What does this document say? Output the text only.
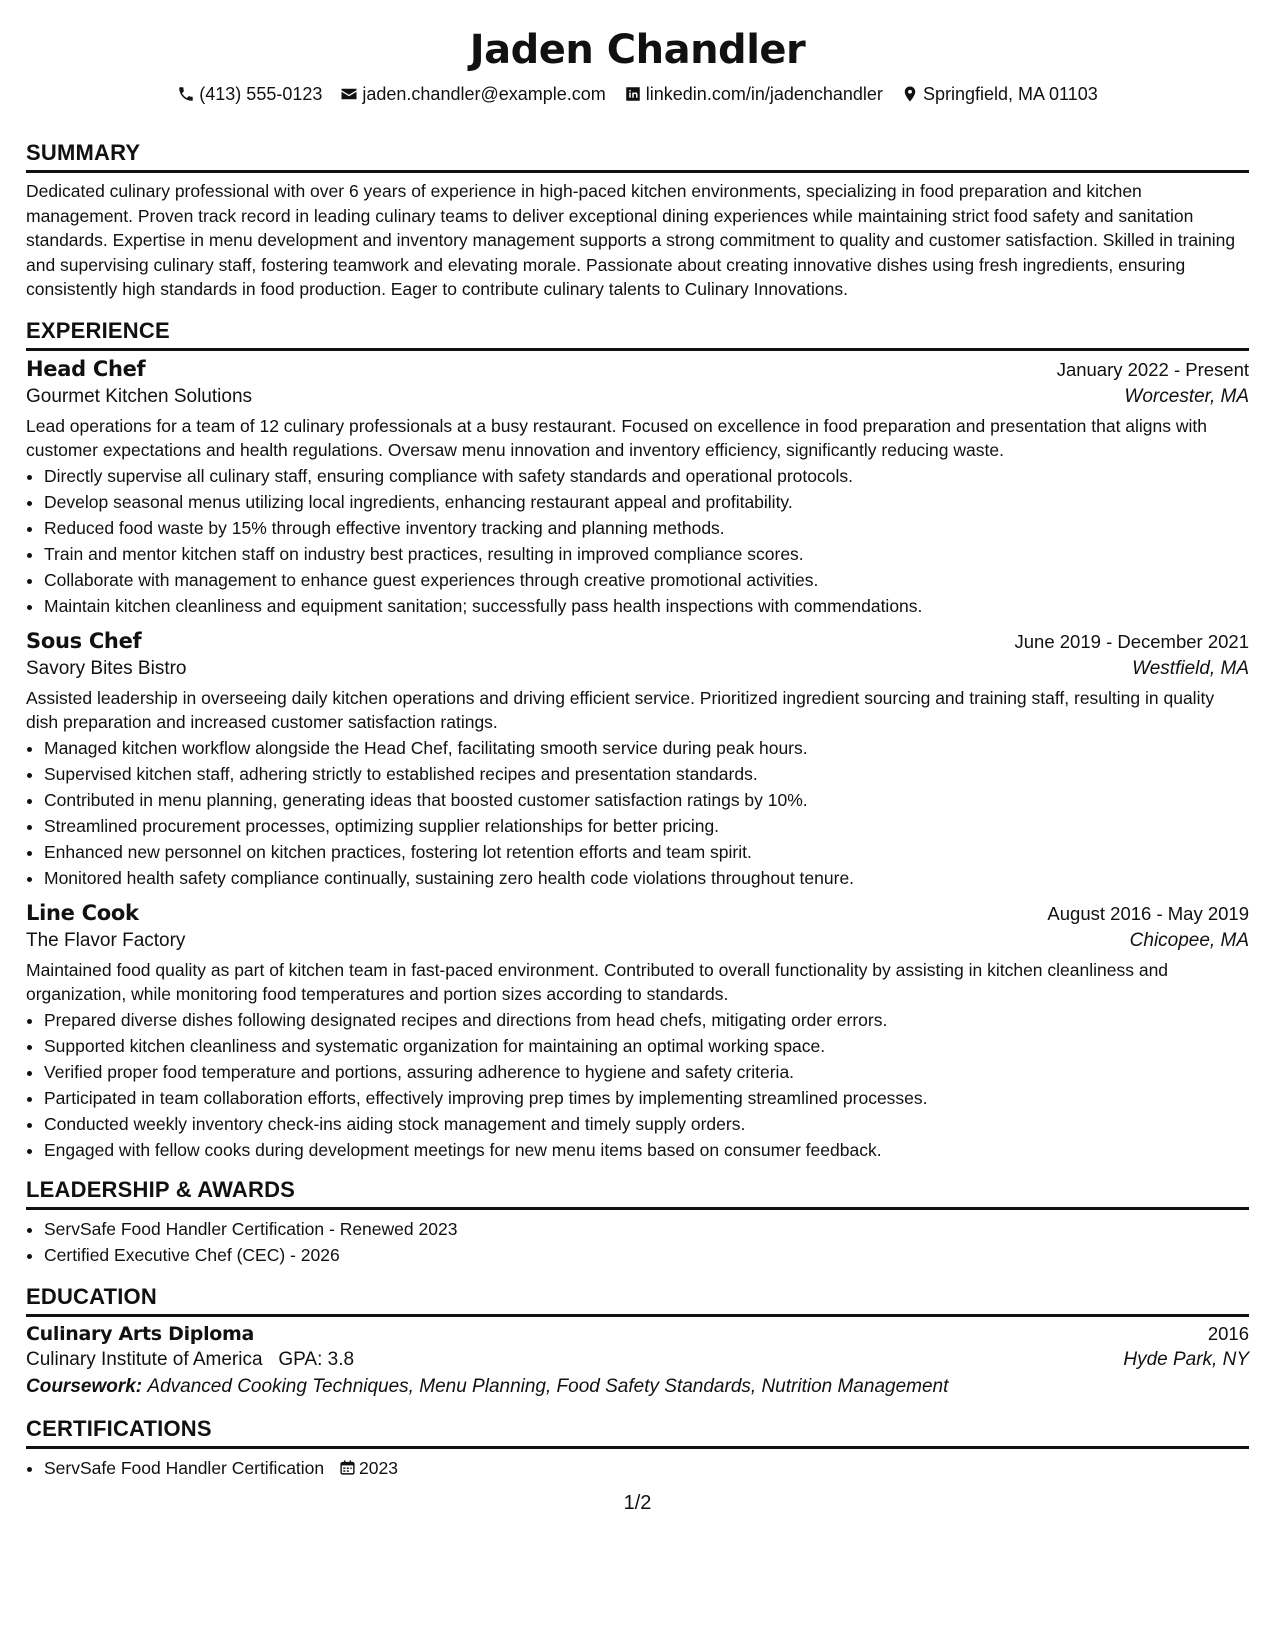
Jaden Chandler
(413) 555-0123 jaden.chandler@example.com linkedin.com/in/jadenchandler Springfield, MA 01103
SUMMARY
Dedicated culinary professional with over 6 years of experience in high-paced kitchen environments, specializing in food preparation and kitchen management. Proven track record in leading culinary teams to deliver exceptional dining experiences while maintaining strict food safety and sanitation standards. Expertise in menu development and inventory management supports a strong commitment to quality and customer satisfaction. Skilled in training and supervising culinary staff, fostering teamwork and elevating morale. Passionate about creating innovative dishes using fresh ingredients, ensuring consistently high standards in food production. Eager to contribute culinary talents to Culinary Innovations.
EXPERIENCE
Head Chef	January 2022 - Present
Gourmet Kitchen Solutions	Worcester, MA
Lead operations for a team of 12 culinary professionals at a busy restaurant. Focused on excellence in food preparation and presentation that aligns with customer expectations and health regulations. Oversaw menu innovation and inventory efficiency, significantly reducing waste.
• Directly supervise all culinary staff, ensuring compliance with safety standards and operational protocols.
• Develop seasonal menus utilizing local ingredients, enhancing restaurant appeal and profitability.
• Reduced food waste by 15% through effective inventory tracking and planning methods.
• Train and mentor kitchen staff on industry best practices, resulting in improved compliance scores.
• Collaborate with management to enhance guest experiences through creative promotional activities.
• Maintain kitchen cleanliness and equipment sanitation; successfully pass health inspections with commendations.
Sous Chef	June 2019 - December 2021
Savory Bites Bistro	Westfield, MA
Assisted leadership in overseeing daily kitchen operations and driving efficient service. Prioritized ingredient sourcing and training staff, resulting in quality dish preparation and increased customer satisfaction ratings.
• Managed kitchen workflow alongside the Head Chef, facilitating smooth service during peak hours.
• Supervised kitchen staff, adhering strictly to established recipes and presentation standards.
• Contributed in menu planning, generating ideas that boosted customer satisfaction ratings by 10%.
• Streamlined procurement processes, optimizing supplier relationships for better pricing.
• Enhanced new personnel on kitchen practices, fostering lot retention efforts and team spirit.
• Monitored health safety compliance continually, sustaining zero health code violations throughout tenure.
Line Cook	August 2016 - May 2019
The Flavor Factory	Chicopee, MA
Maintained food quality as part of kitchen team in fast-paced environment. Contributed to overall functionality by assisting in kitchen cleanliness and organization, while monitoring food temperatures and portion sizes according to standards.
• Prepared diverse dishes following designated recipes and directions from head chefs, mitigating order errors.
• Supported kitchen cleanliness and systematic organization for maintaining an optimal working space.
• Verified proper food temperature and portions, assuring adherence to hygiene and safety criteria.
• Participated in team collaboration efforts, effectively improving prep times by implementing streamlined processes.
• Conducted weekly inventory check-ins aiding stock management and timely supply orders.
• Engaged with fellow cooks during development meetings for new menu items based on consumer feedback.
LEADERSHIP & AWARDS
• ServSafe Food Handler Certification - Renewed 2023
• Certified Executive Chef (CEC) - 2026
EDUCATION
Culinary Arts Diploma	2016
Culinary Institute of America GPA: 3.8	Hyde Park, NY
Coursework: Advanced Cooking Techniques, Menu Planning, Food Safety Standards, Nutrition Management
CERTIFICATIONS
• ServSafe Food Handler Certification 2023
1/2
